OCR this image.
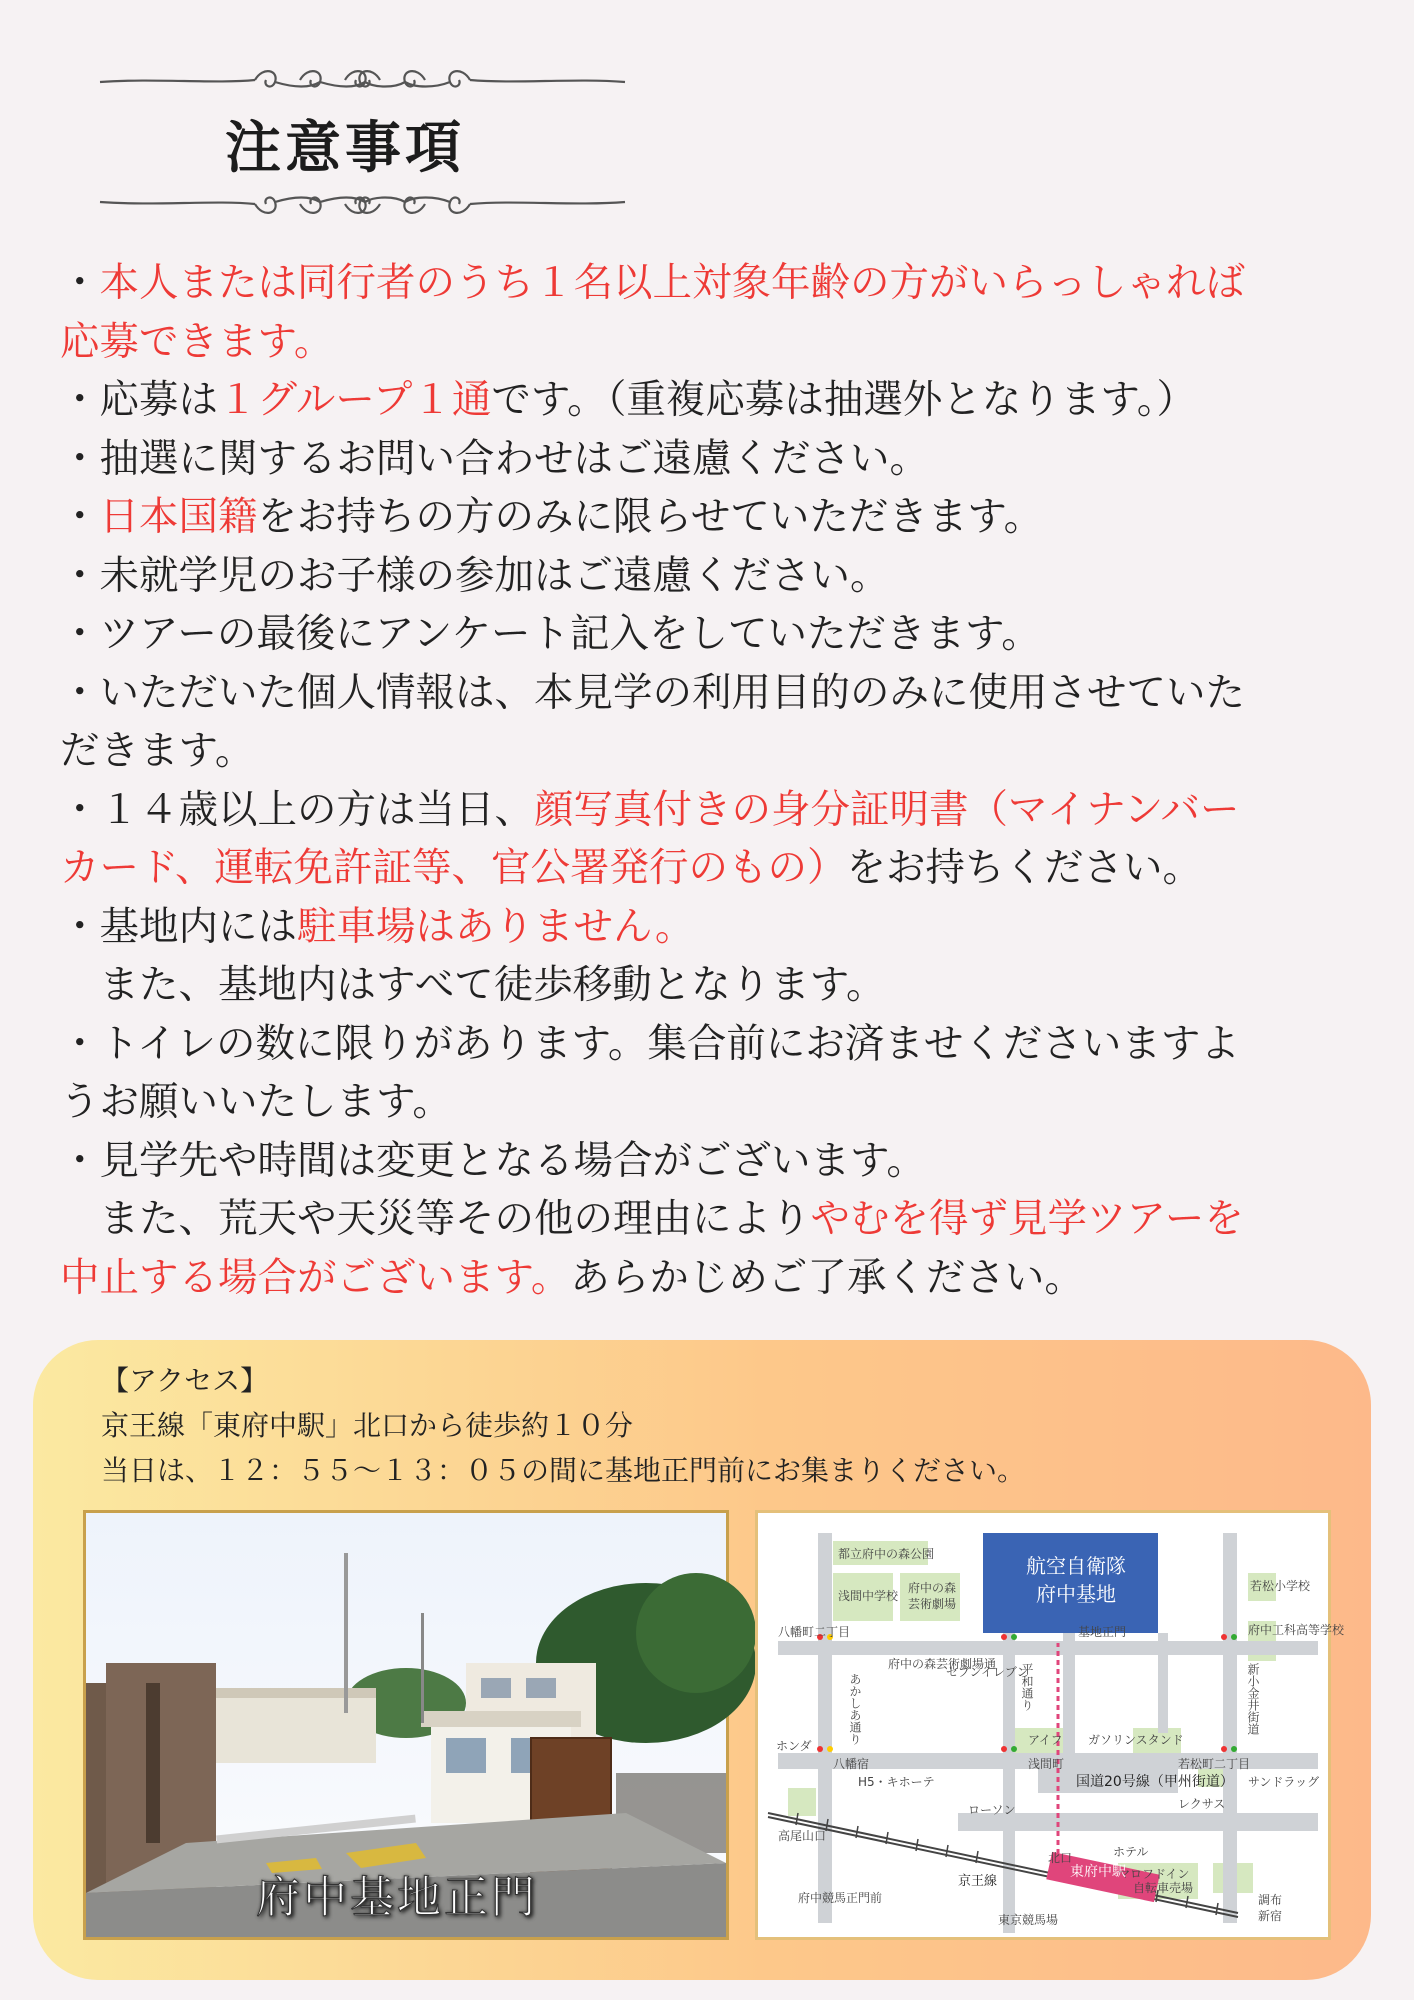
注意事項

・本人または同行者のうち１名以上対象年齢の方がいらっしゃれば

応募できます。

・応募は１グループ１通です。（重複応募は抽選外となります。）

・抽選に関するお問い合わせはご遠慮ください。

・日本国籍をお持ちの方のみに限らせていただきます。

・未就学児のお子様の参加はご遠慮ください。

・ツアーの最後にアンケート記入をしていただきます。

・いただいた個人情報は、本見学の利用目的のみに使用させていた

だきます。

・１４歳以上の方は当日、顔写真付きの身分証明書（マイナンバー

カード、運転免許証等、官公署発行のもの）をお持ちください。

・基地内には駐車場はありません。

　また、基地内はすべて徒歩移動となります。

・トイレの数に限りがあります。集合前にお済ませくださいますよ

うお願いいたします。

・見学先や時間は変更となる場合がございます。

　また、荒天や天災等その他の理由によりやむを得ず見学ツアーを

中止する場合がございます。あらかじめご了承ください。

【アクセス】
京王線「東府中駅」北口から徒歩約１０分
当日は、１２：５５～１３：０５の間に基地正門前にお集まりください。
府中基地正門
都立府中の森公園
浅間中学校
府中の森
芸術劇場
航空自衛隊
府中基地
基地正門
八幡町二丁目
府中の森芸術劇場通
セブンイレブン
あかしあ通り	平和通り	新小金井街道
若松小学校
府中工科高等学校
ガソリンスタンド
アイフ
ホンダ
八幡宿	浅間町	若松町二丁目
H5・キホーテ	国道20号線（甲州街道） サンドラッグ
レクサス
ローソン
高尾山口
北口	ホテル
マロフドイン
自転車売場
京王線
東府中駅
府中競馬正門前
東京競馬場
調布
新宿
